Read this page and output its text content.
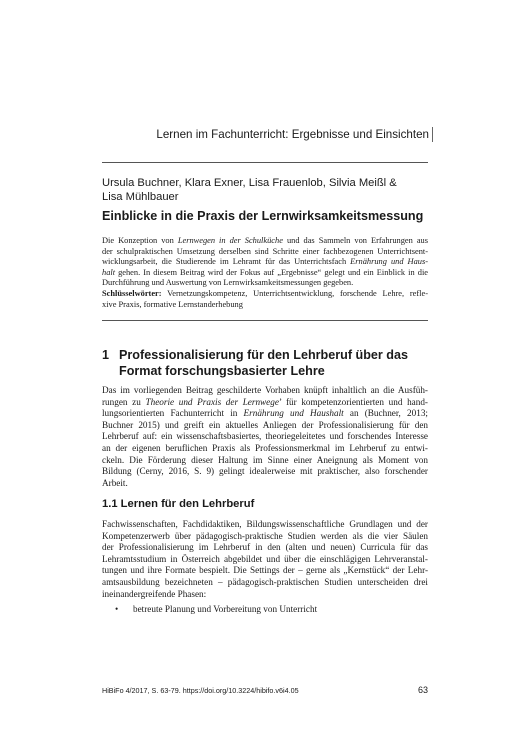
Lernen im Fachunterricht: Ergebnisse und Einsichten
Ursula Buchner, Klara Exner, Lisa Frauenlob, Silvia Meißl &
Lisa Mühlbauer
Einblicke in die Praxis der Lernwirksamkeitsmessung
Die Konzeption von Lernwegen in der Schulküche und das Sammeln von Erfahrungen aus
der schulpraktischen Umsetzung derselben sind Schritte einer fachbezogenen Unterrichtsent-
wicklungsarbeit, die Studierende im Lehramt für das Unterrichtsfach Ernährung und Haus-
halt gehen. In diesem Beitrag wird der Fokus auf „Ergebnisse“ gelegt und ein Einblick in die
Durchführung und Auswertung von Lernwirksamkeitsmessungen gegeben.
Schlüsselwörter: Vernetzungskompetenz, Unterrichtsentwicklung, forschende Lehre, refle-
xive Praxis, formative Lernstanderhebung
1 Professionalisierung für den Lehrberuf über das
Format forschungsbasierter Lehre
Das im vorliegenden Beitrag geschilderte Vorhaben knüpft inhaltlich an die Ausfüh-
rungen zu Theorie und Praxis der Lernwege’ für kompetenzorientierten und hand-
lungsorientierten Fachunterricht in Ernährung und Haushalt an (Buchner, 2013;
Buchner 2015) und greift ein aktuelles Anliegen der Professionalisierung für den
Lehrberuf auf: ein wissenschaftsbasiertes, theoriegeleitetes und forschendes Interesse
an der eigenen beruflichen Praxis als Professionsmerkmal im Lehrberuf zu entwi-
ckeln. Die Förderung dieser Haltung im Sinne einer Aneignung als Moment von
Bildung (Cerny, 2016, S. 9) gelingt idealerweise mit praktischer, also forschender
Arbeit.
1.1 Lernen für den Lehrberuf
Fachwissenschaften, Fachdidaktiken, Bildungswissenschaftliche Grundlagen und der
Kompetenzerwerb über pädagogisch-praktische Studien werden als die vier Säulen
der Professionalisierung im Lehrberuf in den (alten und neuen) Curricula für das
Lehramtsstudium in Österreich abgebildet und über die einschlägigen Lehrveranstal-
tungen und ihre Formate bespielt. Die Settings der – gerne als „Kernstück“ der Lehr-
amtsausbildung bezeichneten – pädagogisch-praktischen Studien unterscheiden drei
ineinandergreifende Phasen:
• betreute Planung und Vorbereitung von Unterricht
HiBiFo 4/2017, S. 63-79. https://doi.org/10.3224/hibifo.v6i4.05	63
